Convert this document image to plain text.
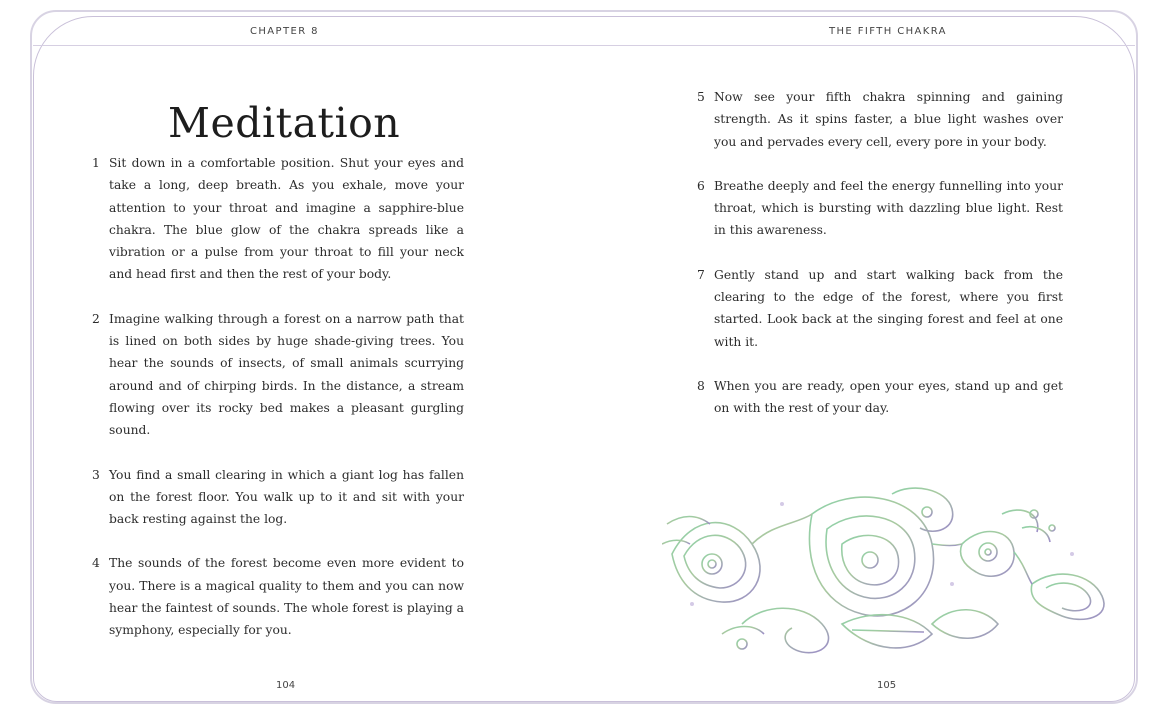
CHAPTER 8	THE FIFTH CHAKRA
Meditation
1 Sit down in a comfortable position. Shut your eyes and take a long, deep breath. As you exhale, move your attention to your throat and imagine a sapphire-blue chakra. The blue glow of the chakra spreads like a vibration or a pulse from your throat to fill your neck and head first and then the rest of your body.
2 Imagine walking through a forest on a narrow path that is lined on both sides by huge shade-giving trees. You hear the sounds of insects, of small animals scurrying around and of chirping birds. In the distance, a stream flowing over its rocky bed makes a pleasant gurgling sound.
3 You find a small clearing in which a giant log has fallen on the forest floor. You walk up to it and sit with your back resting against the log.
4 The sounds of the forest become even more evident to you. There is a magical quality to them and you can now hear the faintest of sounds. The whole forest is playing a symphony, especially for you.
5 Now see your fifth chakra spinning and gaining strength. As it spins faster, a blue light washes over you and pervades every cell, every pore in your body.
6 Breathe deeply and feel the energy funnelling into your throat, which is bursting with dazzling blue light. Rest in this awareness.
7 Gently stand up and start walking back from the clearing to the edge of the forest, where you first started. Look back at the singing forest and feel at one with it.
8 When you are ready, open your eyes, stand up and get on with the rest of your day.
104	105
